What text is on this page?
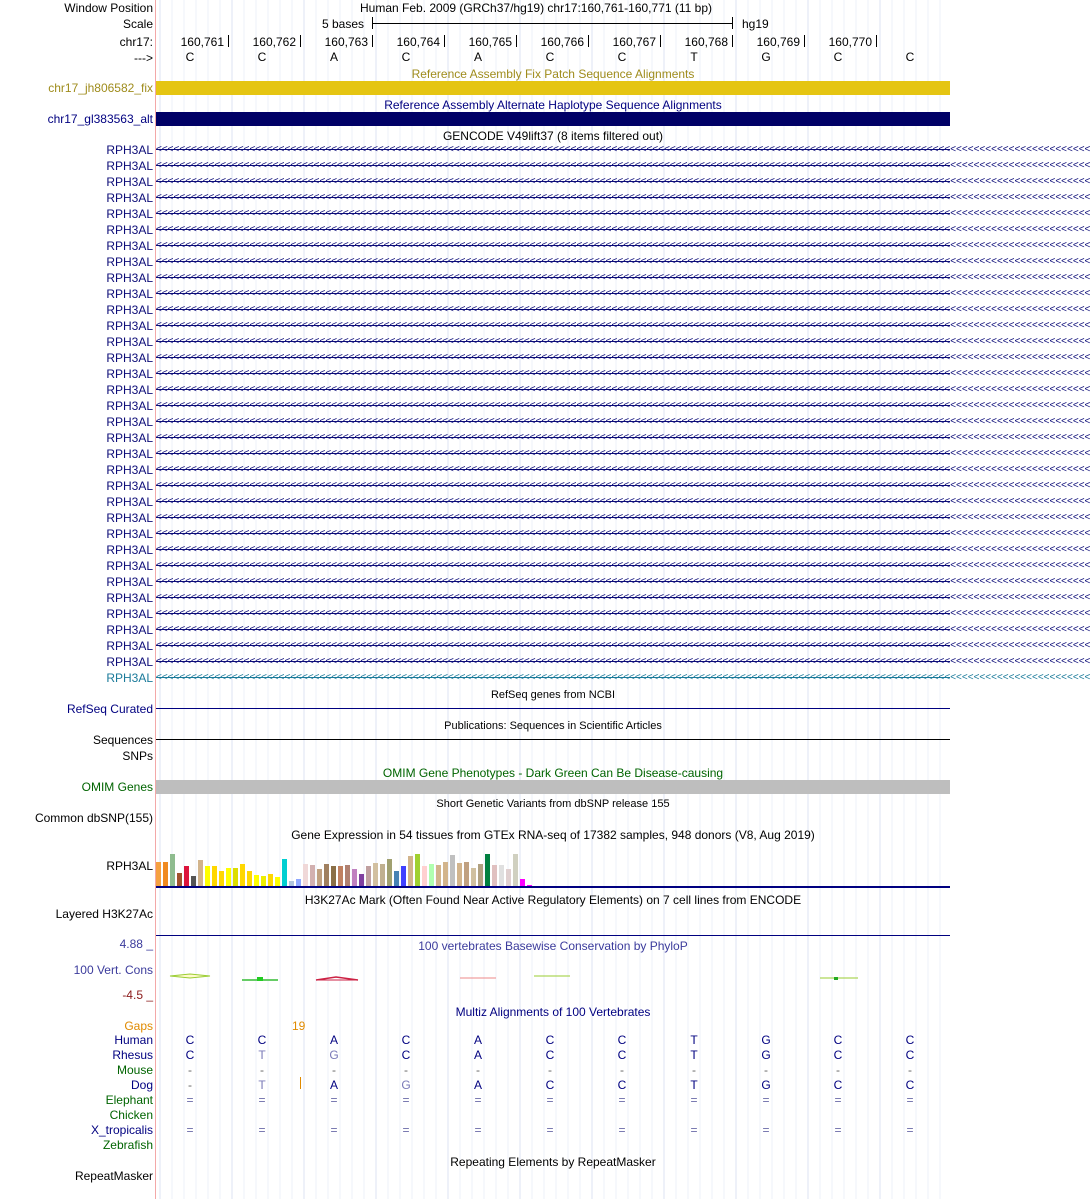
Window Position
Scale
chr17:
--->
Human Feb. 2009 (GRCh37/hg19) chr17:160,761-160,771 (11 bp)
5 bases	hg19
160,761 160,762 160,763 160,764 160,765 160,766 160,767 160,768 160,769 160,770
C	C	A	C	A	C	C	T	G	C	C
Reference Assembly Fix Patch Sequence Alignments
chr17_jh806582_fix
Reference Assembly Alternate Haplotype Sequence Alignments
chr17_gl383563_alt
GENCODE V49lift37 (8 items filtered out)
RPH3AL <<<<<<<<<<<<<<<<<<<<<<<<<<<<<<<<<<<<<<<<<<<<<<<<<<<<<<<<<<<<<<<<<<<<<<<<<<<<<<<<<<<<<<<<<<<<<<<<<<<<<<<<<<<<<<<<<<<<<<<<<<<<<<<<<<<<<<<<<<<<<<<<<<<<<<<<<<<<<<<<
RPH3AL <<<<<<<<<<<<<<<<<<<<<<<<<<<<<<<<<<<<<<<<<<<<<<<<<<<<<<<<<<<<<<<<<<<<<<<<<<<<<<<<<<<<<<<<<<<<<<<<<<<<<<<<<<<<<<<<<<<<<<<<<<<<<<<<<<<<<<<<<<<<<<<<<<<<<<<<<<<<<<<<
RPH3AL <<<<<<<<<<<<<<<<<<<<<<<<<<<<<<<<<<<<<<<<<<<<<<<<<<<<<<<<<<<<<<<<<<<<<<<<<<<<<<<<<<<<<<<<<<<<<<<<<<<<<<<<<<<<<<<<<<<<<<<<<<<<<<<<<<<<<<<<<<<<<<<<<<<<<<<<<<<<<<<<
RPH3AL <<<<<<<<<<<<<<<<<<<<<<<<<<<<<<<<<<<<<<<<<<<<<<<<<<<<<<<<<<<<<<<<<<<<<<<<<<<<<<<<<<<<<<<<<<<<<<<<<<<<<<<<<<<<<<<<<<<<<<<<<<<<<<<<<<<<<<<<<<<<<<<<<<<<<<<<<<<<<<<<
RPH3AL <<<<<<<<<<<<<<<<<<<<<<<<<<<<<<<<<<<<<<<<<<<<<<<<<<<<<<<<<<<<<<<<<<<<<<<<<<<<<<<<<<<<<<<<<<<<<<<<<<<<<<<<<<<<<<<<<<<<<<<<<<<<<<<<<<<<<<<<<<<<<<<<<<<<<<<<<<<<<<<<
RPH3AL <<<<<<<<<<<<<<<<<<<<<<<<<<<<<<<<<<<<<<<<<<<<<<<<<<<<<<<<<<<<<<<<<<<<<<<<<<<<<<<<<<<<<<<<<<<<<<<<<<<<<<<<<<<<<<<<<<<<<<<<<<<<<<<<<<<<<<<<<<<<<<<<<<<<<<<<<<<<<<<<
RPH3AL <<<<<<<<<<<<<<<<<<<<<<<<<<<<<<<<<<<<<<<<<<<<<<<<<<<<<<<<<<<<<<<<<<<<<<<<<<<<<<<<<<<<<<<<<<<<<<<<<<<<<<<<<<<<<<<<<<<<<<<<<<<<<<<<<<<<<<<<<<<<<<<<<<<<<<<<<<<<<<<<
RPH3AL <<<<<<<<<<<<<<<<<<<<<<<<<<<<<<<<<<<<<<<<<<<<<<<<<<<<<<<<<<<<<<<<<<<<<<<<<<<<<<<<<<<<<<<<<<<<<<<<<<<<<<<<<<<<<<<<<<<<<<<<<<<<<<<<<<<<<<<<<<<<<<<<<<<<<<<<<<<<<<<<
RPH3AL <<<<<<<<<<<<<<<<<<<<<<<<<<<<<<<<<<<<<<<<<<<<<<<<<<<<<<<<<<<<<<<<<<<<<<<<<<<<<<<<<<<<<<<<<<<<<<<<<<<<<<<<<<<<<<<<<<<<<<<<<<<<<<<<<<<<<<<<<<<<<<<<<<<<<<<<<<<<<<<<
RPH3AL <<<<<<<<<<<<<<<<<<<<<<<<<<<<<<<<<<<<<<<<<<<<<<<<<<<<<<<<<<<<<<<<<<<<<<<<<<<<<<<<<<<<<<<<<<<<<<<<<<<<<<<<<<<<<<<<<<<<<<<<<<<<<<<<<<<<<<<<<<<<<<<<<<<<<<<<<<<<<<<<
RPH3AL <<<<<<<<<<<<<<<<<<<<<<<<<<<<<<<<<<<<<<<<<<<<<<<<<<<<<<<<<<<<<<<<<<<<<<<<<<<<<<<<<<<<<<<<<<<<<<<<<<<<<<<<<<<<<<<<<<<<<<<<<<<<<<<<<<<<<<<<<<<<<<<<<<<<<<<<<<<<<<<<
RPH3AL <<<<<<<<<<<<<<<<<<<<<<<<<<<<<<<<<<<<<<<<<<<<<<<<<<<<<<<<<<<<<<<<<<<<<<<<<<<<<<<<<<<<<<<<<<<<<<<<<<<<<<<<<<<<<<<<<<<<<<<<<<<<<<<<<<<<<<<<<<<<<<<<<<<<<<<<<<<<<<<<
RPH3AL <<<<<<<<<<<<<<<<<<<<<<<<<<<<<<<<<<<<<<<<<<<<<<<<<<<<<<<<<<<<<<<<<<<<<<<<<<<<<<<<<<<<<<<<<<<<<<<<<<<<<<<<<<<<<<<<<<<<<<<<<<<<<<<<<<<<<<<<<<<<<<<<<<<<<<<<<<<<<<<<
RPH3AL <<<<<<<<<<<<<<<<<<<<<<<<<<<<<<<<<<<<<<<<<<<<<<<<<<<<<<<<<<<<<<<<<<<<<<<<<<<<<<<<<<<<<<<<<<<<<<<<<<<<<<<<<<<<<<<<<<<<<<<<<<<<<<<<<<<<<<<<<<<<<<<<<<<<<<<<<<<<<<<<
RPH3AL <<<<<<<<<<<<<<<<<<<<<<<<<<<<<<<<<<<<<<<<<<<<<<<<<<<<<<<<<<<<<<<<<<<<<<<<<<<<<<<<<<<<<<<<<<<<<<<<<<<<<<<<<<<<<<<<<<<<<<<<<<<<<<<<<<<<<<<<<<<<<<<<<<<<<<<<<<<<<<<<
RPH3AL <<<<<<<<<<<<<<<<<<<<<<<<<<<<<<<<<<<<<<<<<<<<<<<<<<<<<<<<<<<<<<<<<<<<<<<<<<<<<<<<<<<<<<<<<<<<<<<<<<<<<<<<<<<<<<<<<<<<<<<<<<<<<<<<<<<<<<<<<<<<<<<<<<<<<<<<<<<<<<<<
RPH3AL <<<<<<<<<<<<<<<<<<<<<<<<<<<<<<<<<<<<<<<<<<<<<<<<<<<<<<<<<<<<<<<<<<<<<<<<<<<<<<<<<<<<<<<<<<<<<<<<<<<<<<<<<<<<<<<<<<<<<<<<<<<<<<<<<<<<<<<<<<<<<<<<<<<<<<<<<<<<<<<<
RPH3AL <<<<<<<<<<<<<<<<<<<<<<<<<<<<<<<<<<<<<<<<<<<<<<<<<<<<<<<<<<<<<<<<<<<<<<<<<<<<<<<<<<<<<<<<<<<<<<<<<<<<<<<<<<<<<<<<<<<<<<<<<<<<<<<<<<<<<<<<<<<<<<<<<<<<<<<<<<<<<<<<
RPH3AL <<<<<<<<<<<<<<<<<<<<<<<<<<<<<<<<<<<<<<<<<<<<<<<<<<<<<<<<<<<<<<<<<<<<<<<<<<<<<<<<<<<<<<<<<<<<<<<<<<<<<<<<<<<<<<<<<<<<<<<<<<<<<<<<<<<<<<<<<<<<<<<<<<<<<<<<<<<<<<<<
RPH3AL <<<<<<<<<<<<<<<<<<<<<<<<<<<<<<<<<<<<<<<<<<<<<<<<<<<<<<<<<<<<<<<<<<<<<<<<<<<<<<<<<<<<<<<<<<<<<<<<<<<<<<<<<<<<<<<<<<<<<<<<<<<<<<<<<<<<<<<<<<<<<<<<<<<<<<<<<<<<<<<<
RPH3AL <<<<<<<<<<<<<<<<<<<<<<<<<<<<<<<<<<<<<<<<<<<<<<<<<<<<<<<<<<<<<<<<<<<<<<<<<<<<<<<<<<<<<<<<<<<<<<<<<<<<<<<<<<<<<<<<<<<<<<<<<<<<<<<<<<<<<<<<<<<<<<<<<<<<<<<<<<<<<<<<
RPH3AL <<<<<<<<<<<<<<<<<<<<<<<<<<<<<<<<<<<<<<<<<<<<<<<<<<<<<<<<<<<<<<<<<<<<<<<<<<<<<<<<<<<<<<<<<<<<<<<<<<<<<<<<<<<<<<<<<<<<<<<<<<<<<<<<<<<<<<<<<<<<<<<<<<<<<<<<<<<<<<<<
RPH3AL <<<<<<<<<<<<<<<<<<<<<<<<<<<<<<<<<<<<<<<<<<<<<<<<<<<<<<<<<<<<<<<<<<<<<<<<<<<<<<<<<<<<<<<<<<<<<<<<<<<<<<<<<<<<<<<<<<<<<<<<<<<<<<<<<<<<<<<<<<<<<<<<<<<<<<<<<<<<<<<<
RPH3AL <<<<<<<<<<<<<<<<<<<<<<<<<<<<<<<<<<<<<<<<<<<<<<<<<<<<<<<<<<<<<<<<<<<<<<<<<<<<<<<<<<<<<<<<<<<<<<<<<<<<<<<<<<<<<<<<<<<<<<<<<<<<<<<<<<<<<<<<<<<<<<<<<<<<<<<<<<<<<<<<
RPH3AL <<<<<<<<<<<<<<<<<<<<<<<<<<<<<<<<<<<<<<<<<<<<<<<<<<<<<<<<<<<<<<<<<<<<<<<<<<<<<<<<<<<<<<<<<<<<<<<<<<<<<<<<<<<<<<<<<<<<<<<<<<<<<<<<<<<<<<<<<<<<<<<<<<<<<<<<<<<<<<<<
RPH3AL <<<<<<<<<<<<<<<<<<<<<<<<<<<<<<<<<<<<<<<<<<<<<<<<<<<<<<<<<<<<<<<<<<<<<<<<<<<<<<<<<<<<<<<<<<<<<<<<<<<<<<<<<<<<<<<<<<<<<<<<<<<<<<<<<<<<<<<<<<<<<<<<<<<<<<<<<<<<<<<<
RPH3AL <<<<<<<<<<<<<<<<<<<<<<<<<<<<<<<<<<<<<<<<<<<<<<<<<<<<<<<<<<<<<<<<<<<<<<<<<<<<<<<<<<<<<<<<<<<<<<<<<<<<<<<<<<<<<<<<<<<<<<<<<<<<<<<<<<<<<<<<<<<<<<<<<<<<<<<<<<<<<<<<
RPH3AL <<<<<<<<<<<<<<<<<<<<<<<<<<<<<<<<<<<<<<<<<<<<<<<<<<<<<<<<<<<<<<<<<<<<<<<<<<<<<<<<<<<<<<<<<<<<<<<<<<<<<<<<<<<<<<<<<<<<<<<<<<<<<<<<<<<<<<<<<<<<<<<<<<<<<<<<<<<<<<<<
RPH3AL <<<<<<<<<<<<<<<<<<<<<<<<<<<<<<<<<<<<<<<<<<<<<<<<<<<<<<<<<<<<<<<<<<<<<<<<<<<<<<<<<<<<<<<<<<<<<<<<<<<<<<<<<<<<<<<<<<<<<<<<<<<<<<<<<<<<<<<<<<<<<<<<<<<<<<<<<<<<<<<<
RPH3AL <<<<<<<<<<<<<<<<<<<<<<<<<<<<<<<<<<<<<<<<<<<<<<<<<<<<<<<<<<<<<<<<<<<<<<<<<<<<<<<<<<<<<<<<<<<<<<<<<<<<<<<<<<<<<<<<<<<<<<<<<<<<<<<<<<<<<<<<<<<<<<<<<<<<<<<<<<<<<<<<
RPH3AL <<<<<<<<<<<<<<<<<<<<<<<<<<<<<<<<<<<<<<<<<<<<<<<<<<<<<<<<<<<<<<<<<<<<<<<<<<<<<<<<<<<<<<<<<<<<<<<<<<<<<<<<<<<<<<<<<<<<<<<<<<<<<<<<<<<<<<<<<<<<<<<<<<<<<<<<<<<<<<<<
RPH3AL <<<<<<<<<<<<<<<<<<<<<<<<<<<<<<<<<<<<<<<<<<<<<<<<<<<<<<<<<<<<<<<<<<<<<<<<<<<<<<<<<<<<<<<<<<<<<<<<<<<<<<<<<<<<<<<<<<<<<<<<<<<<<<<<<<<<<<<<<<<<<<<<<<<<<<<<<<<<<<<<
RPH3AL <<<<<<<<<<<<<<<<<<<<<<<<<<<<<<<<<<<<<<<<<<<<<<<<<<<<<<<<<<<<<<<<<<<<<<<<<<<<<<<<<<<<<<<<<<<<<<<<<<<<<<<<<<<<<<<<<<<<<<<<<<<<<<<<<<<<<<<<<<<<<<<<<<<<<<<<<<<<<<<<
RPH3AL <<<<<<<<<<<<<<<<<<<<<<<<<<<<<<<<<<<<<<<<<<<<<<<<<<<<<<<<<<<<<<<<<<<<<<<<<<<<<<<<<<<<<<<<<<<<<<<<<<<<<<<<<<<<<<<<<<<<<<<<<<<<<<<<<<<<<<<<<<<<<<<<<<<<<<<<<<<<<<<<
RefSeq genes from NCBI
RefSeq Curated
Publications: Sequences in Scientific Articles
Sequences
SNPs
OMIM Gene Phenotypes - Dark Green Can Be Disease-causing
OMIM Genes
Short Genetic Variants from dbSNP release 155
Common dbSNP(155)
Gene Expression in 54 tissues from GTEx RNA-seq of 17382 samples, 948 donors (V8, Aug 2019)
RPH3AL
H3K27Ac Mark (Often Found Near Active Regulatory Elements) on 7 cell lines from ENCODE
Layered H3K27Ac
4.88 _	100 vertebrates Basewise Conservation by PhyloP
100 Vert. Cons
-4.5 _
Multiz Alignments of 100 Vertebrates
Gaps	19
Human	C	C	A	C	A	C	C	T	G	C	C
Rhesus	C	T	G	C	A	C	C	T	G	C	C
Mouse	-	-	-	-	-	-	-	-	-	-	-
Dog	-	T	A	G	A	C	C	T	G	C	C
Elephant	=	=	=	=	=	=	=	=	=	=	=
Chicken
X_tropicalis	=	=	=	=	=	=	=	=	=	=	=
Zebrafish
Repeating Elements by RepeatMasker
RepeatMasker
